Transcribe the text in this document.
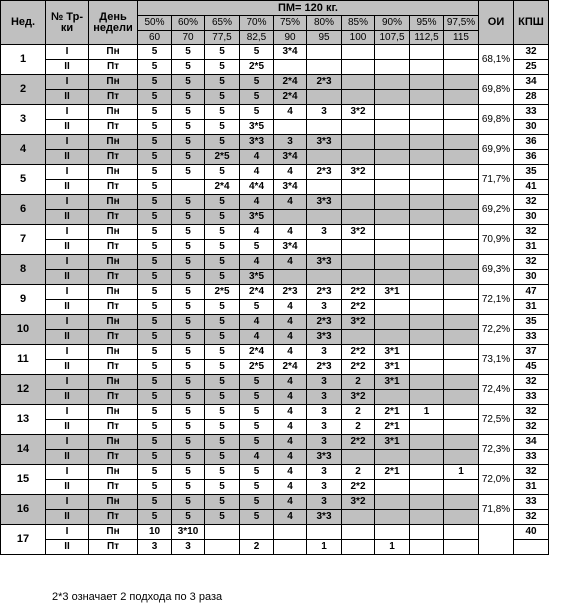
Нед.	№ Тр-ки	День недели	ПМ= 120 кг.										ОИ	КПШ
			50%	60%	65%	70%	75%	80%	85%	90%	95%	97,5%		
			60	70	77,5	82,5	90	95	100	107,5	112,5	115		
1	I	Пн	5	5	5	5	3*4						68,1%	32
	II	Пт	5	5	5	2*5								25
2	I	Пн	5	5	5	5	2*4	2*3					69,8%	34
	II	Пт	5	5	5	5	2*4							28
3	I	Пн	5	5	5	5	4	3	3*2				69,8%	33
	II	Пт	5	5	5	3*5								30
4	I	Пн	5	5	5	3*3	3	3*3					69,9%	36
	II	Пт	5	5	2*5	4	3*4							36
5	I	Пн	5	5	5	4	4	2*3	3*2				71,7%	35
	II	Пт	5		2*4	4*4	3*4							41
6	I	Пн	5	5	5	4	4	3*3					69,2%	32
	II	Пт	5	5	5	3*5								30
7	I	Пн	5	5	5	4	4	3	3*2				70,9%	32
	II	Пт	5	5	5	5	3*4							31
8	I	Пн	5	5	5	4	4	3*3					69,3%	32
	II	Пт	5	5	5	3*5								30
9	I	Пн	5	5	2*5	2*4	2*3	2*3	2*2	3*1			72,1%	47
	II	Пт	5	5	5	5	4	3	2*2					31
10	I	Пн	5	5	5	4	4	2*3	3*2				72,2%	35
	II	Пт	5	5	5	4	4	3*3						33
11	I	Пн	5	5	5	2*4	4	3	2*2	3*1			73,1%	37
	II	Пт	5	5	5	2*5	2*4	2*3	2*2	3*1				45
12	I	Пн	5	5	5	5	4	3	2	3*1			72,4%	32
	II	Пт	5	5	5	5	4	3	3*2					33
13	I	Пн	5	5	5	5	4	3	2	2*1	1		72,5%	32
	II	Пт	5	5	5	5	4	3	2	2*1				32
14	I	Пн	5	5	5	5	4	3	2*2	3*1			72,3%	34
	II	Пт	5	5	5	4	4	3*3						33
15	I	Пн	5	5	5	5	4	3	2	2*1		1	72,0%	32
	II	Пт	5	5	5	5	4	3	2*2					31
16	I	Пн	5	5	5	5	4	3	3*2				71,8%	33
	II	Пт	5	5	5	5	4	3*3						32
17	I	Пн	10	3*10										40
	II	Пт	3	3		2		1		1				
2*3 означает 2 подхода по 3 раза
